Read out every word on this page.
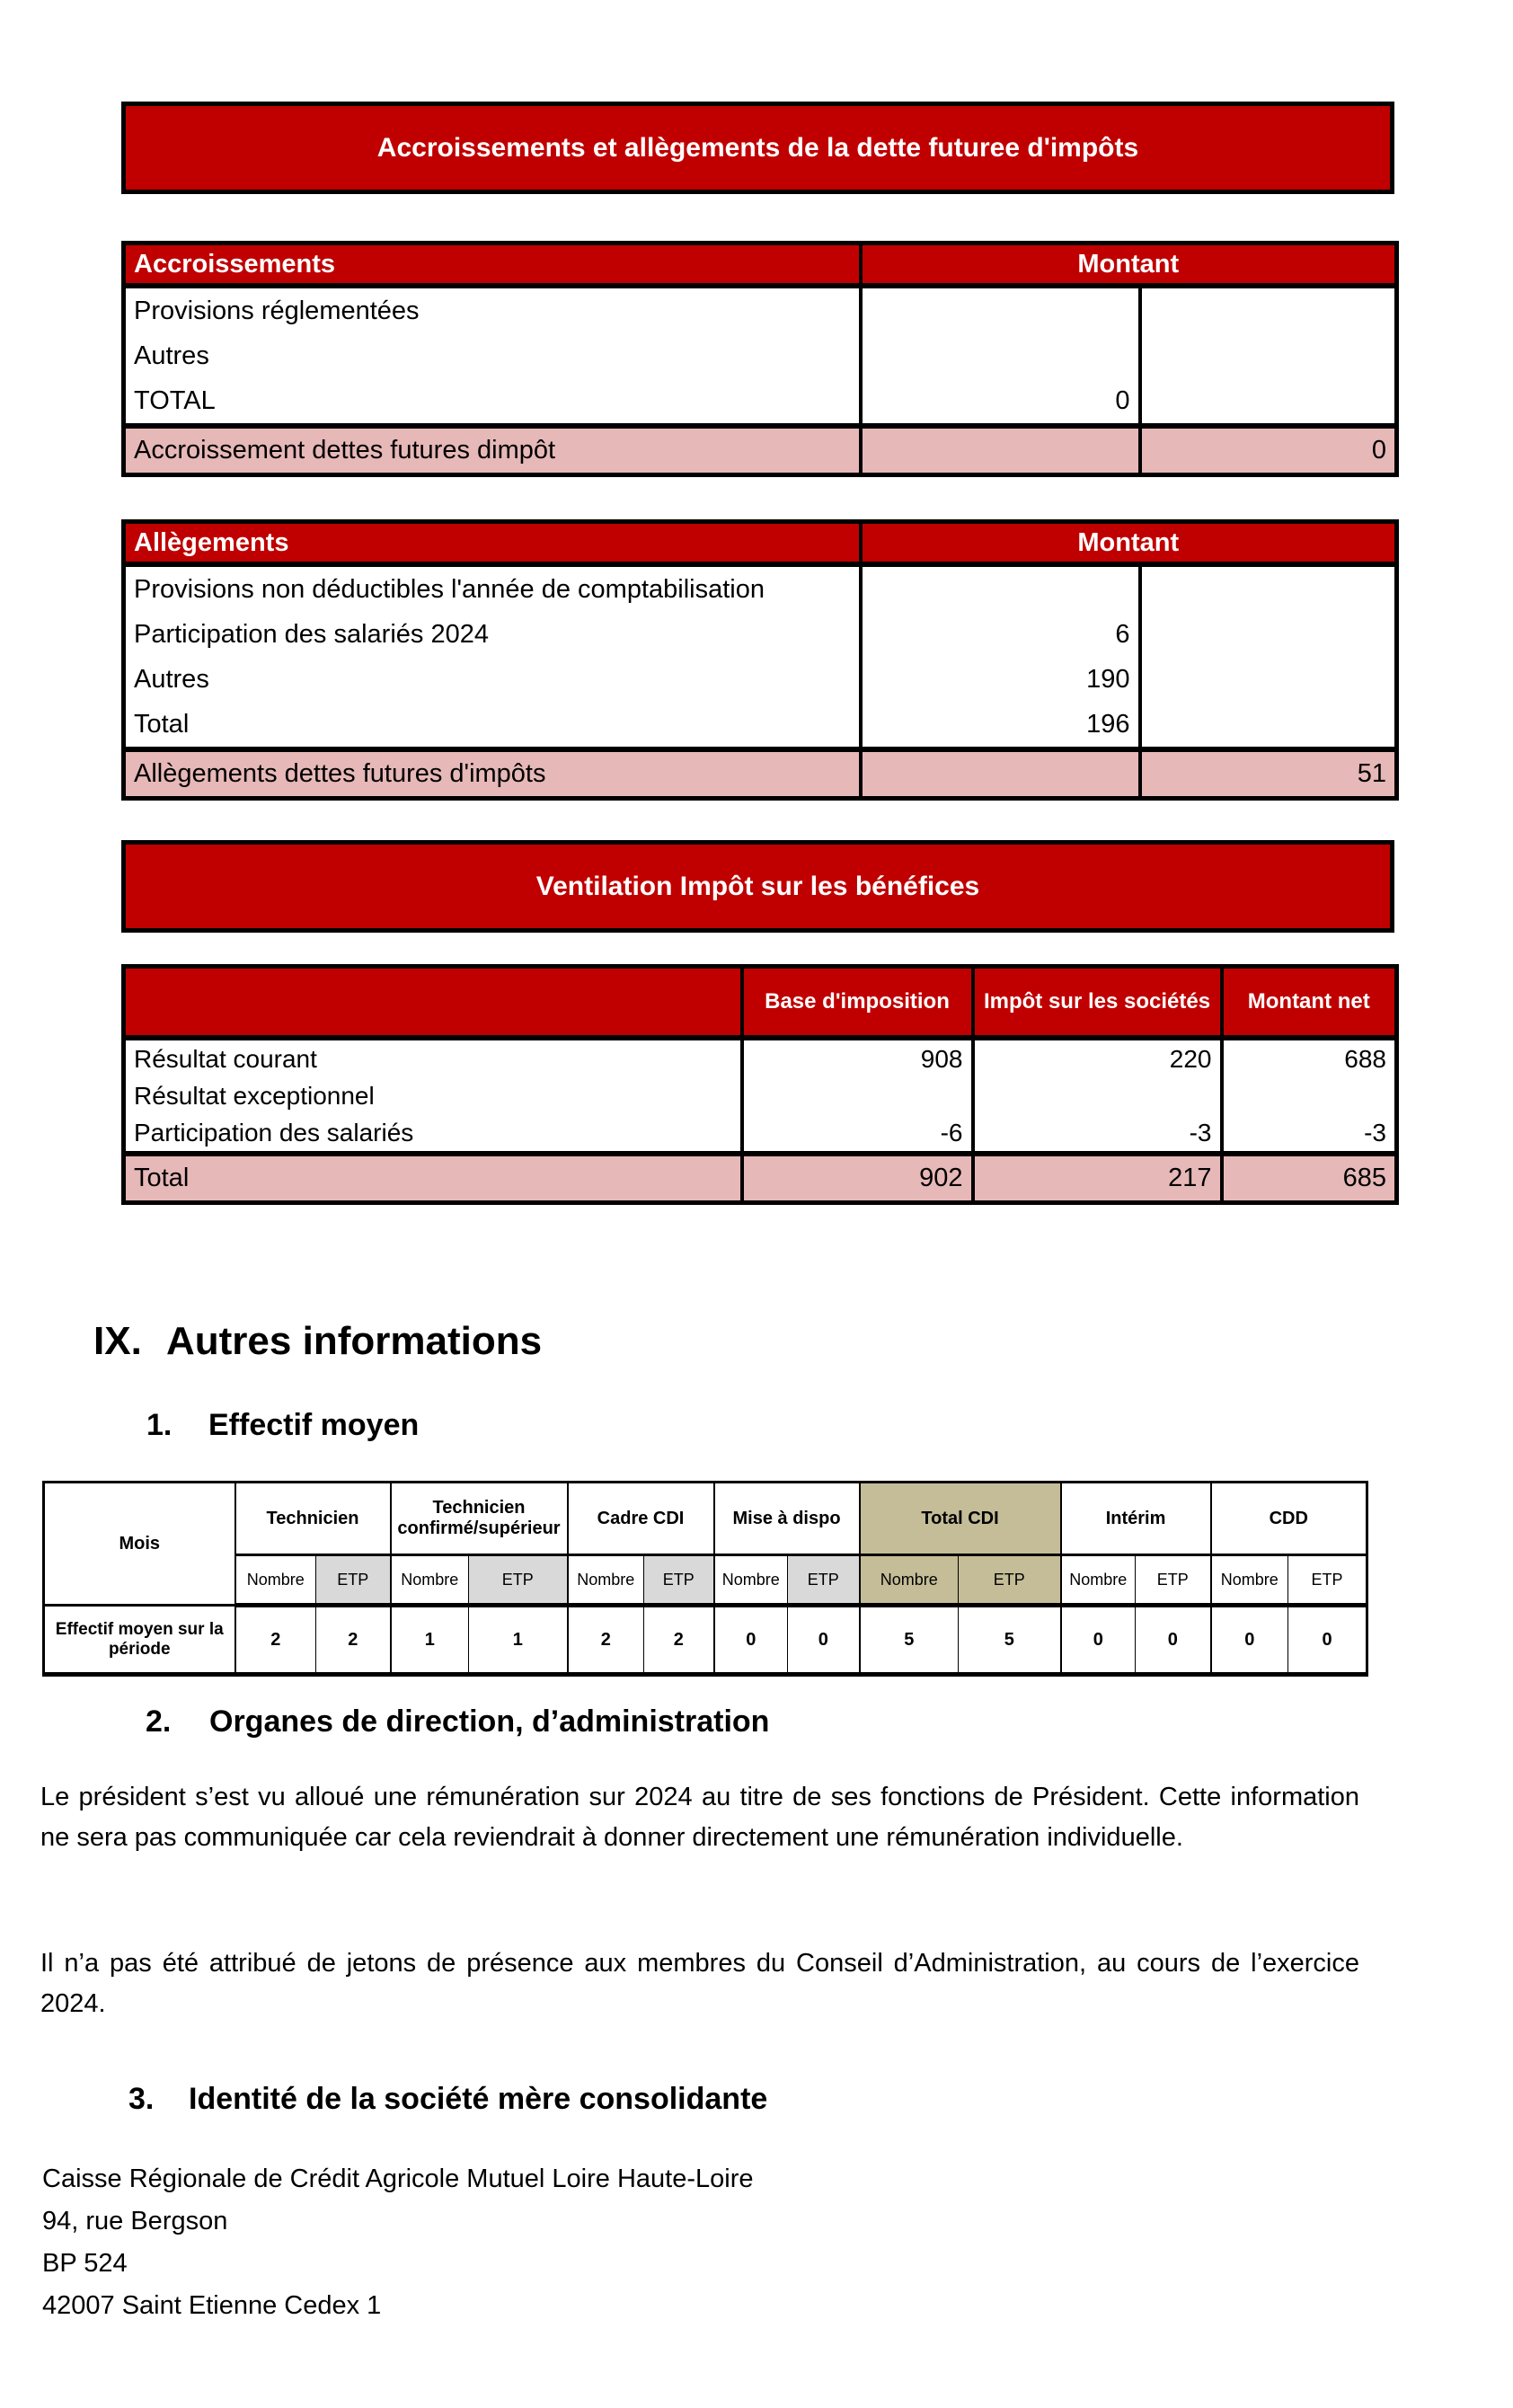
Accroissements et allègements de la dette futuree d'impôts
Accroissements	Montant	
Provisions réglementées		
Autres		
TOTAL	0	
Accroissement dettes futures dimpôt		0
Allègements	Montant	
Provisions non déductibles l'année de comptabilisation		
Participation des salariés 2024	6	
Autres	190	
Total	196	
Allègements dettes futures d'impôts		51
Ventilation Impôt sur les bénéfices
	Base d'imposition	Impôt sur les sociétés	Montant net
Résultat courant	908	220	688
Résultat exceptionnel			
Participation des salariés	-6	-3	-3
Total	902	217	685
IX. Autres informations
1.	Effectif moyen
Mois	Technicien		Technicien confirmé/supérieur		Cadre CDI		Mise à dispo		Total CDI		Intérim		CDD	
	Nombre	ETP	Nombre	ETP	Nombre	ETP	Nombre	ETP	Nombre	ETP	Nombre	ETP	Nombre	ETP
Effectif moyen sur la période	2	2	1	1	2	2	0	0	5	5	0	0	0	0
2.	Organes de direction, d’administration
Le président s’est vu alloué une rémunération sur 2024 au titre de ses fonctions de Président. Cette information ne sera pas communiquée car cela reviendrait à donner directement une rémunération individuelle.
Il n’a pas été attribué de jetons de présence aux membres du Conseil d’Administration, au cours de l’exercice 2024.
3.	Identité de la société mère consolidante
Caisse Régionale de Crédit Agricole Mutuel Loire Haute-Loire
94, rue Bergson
BP 524
42007 Saint Etienne Cedex 1
